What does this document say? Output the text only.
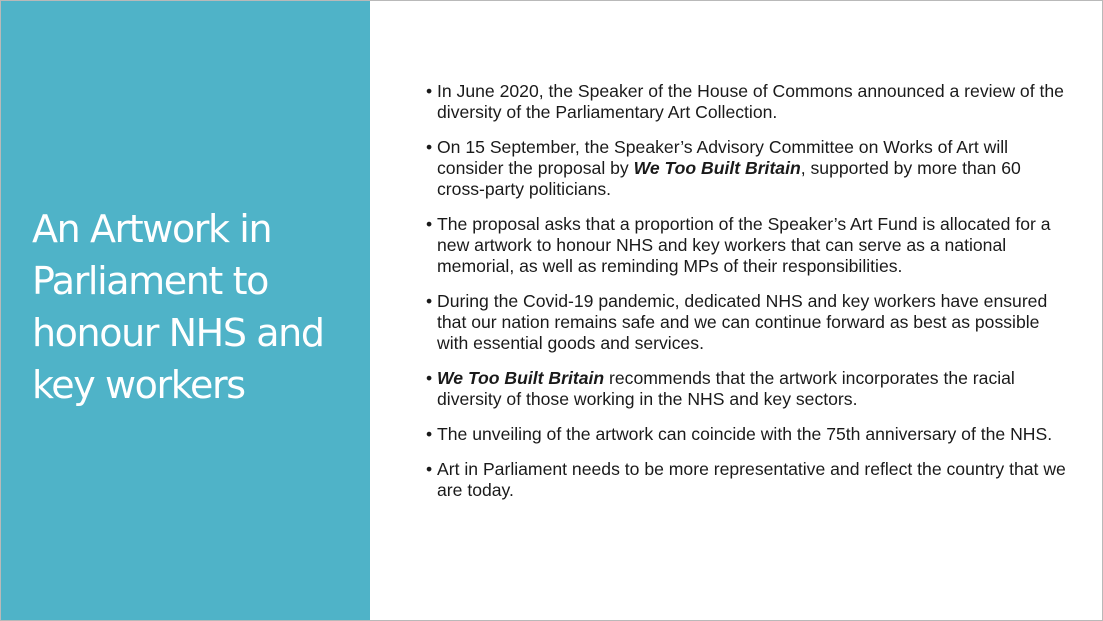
An Artwork in Parliament to honour NHS and key workers
• In June 2020, the Speaker of the House of Commons announced a review of the diversity of the Parliamentary Art Collection.
• On 15 September, the Speaker’s Advisory Committee on Works of Art will consider the proposal by We Too Built Britain, supported by more than 60 cross-party politicians.
• The proposal asks that a proportion of the Speaker’s Art Fund is allocated for a new artwork to honour NHS and key workers that can serve as a national memorial, as well as reminding MPs of their responsibilities.
• During the Covid-19 pandemic, dedicated NHS and key workers have ensured that our nation remains safe and we can continue forward as best as possible with essential goods and services.
• We Too Built Britain recommends that the artwork incorporates the racial diversity of those working in the NHS and key sectors.
• The unveiling of the artwork can coincide with the 75th anniversary of the NHS.
• Art in Parliament needs to be more representative and reflect the country that we are today.
